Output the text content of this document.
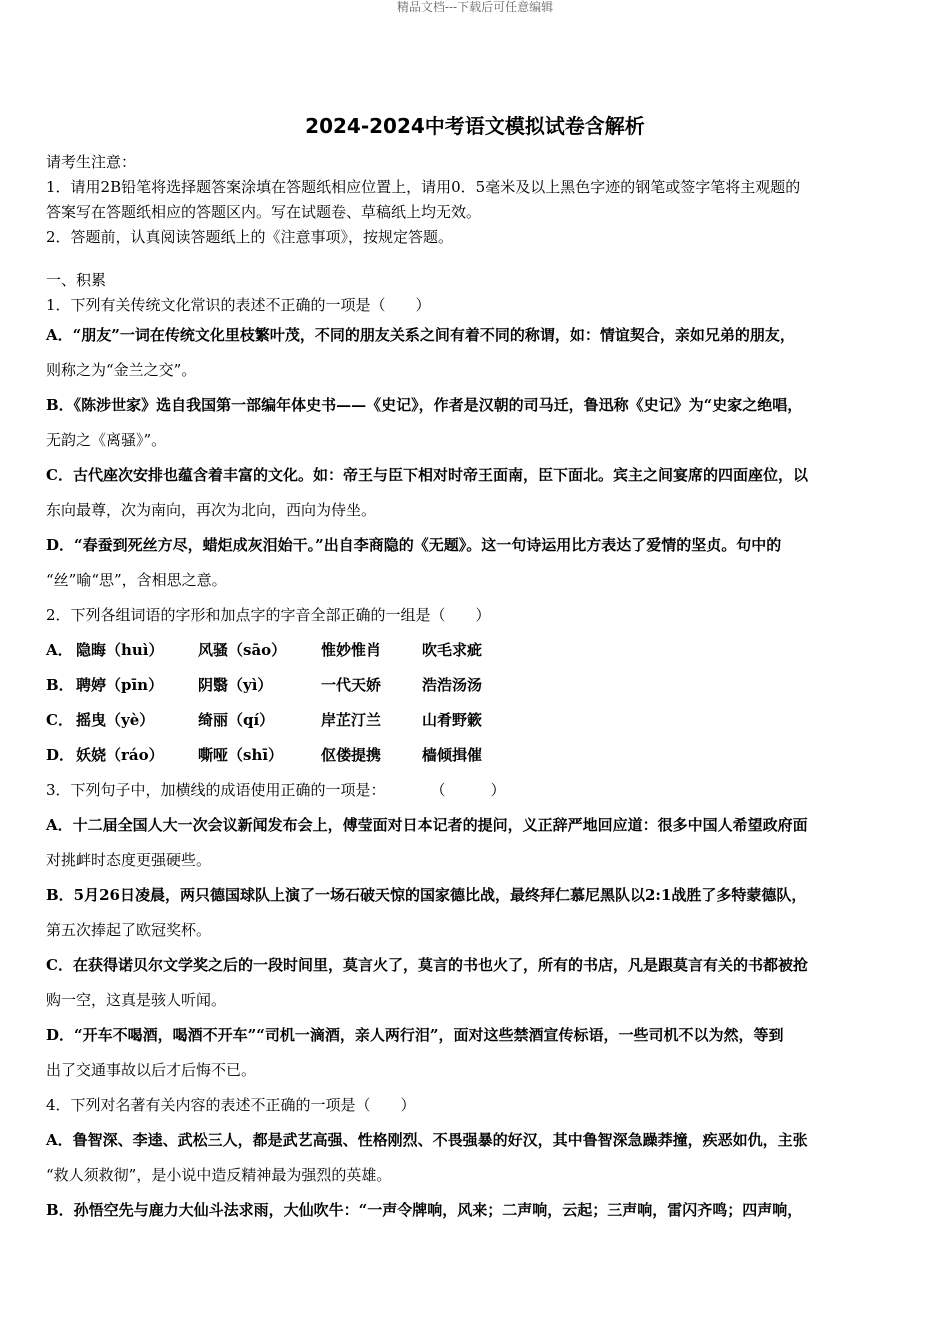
精品文档---下载后可任意编辑
2024-2024中考语文模拟试卷含解析
请考生注意：
1．请用2B铅笔将选择题答案涂填在答题纸相应位置上，请用0．5毫米及以上黑色字迹的钢笔或签字笔将主观题的
答案写在答题纸相应的答题区内。写在试题卷、草稿纸上均无效。
2．答题前，认真阅读答题纸上的《注意事项》，按规定答题。
一、积累
1．下列有关传统文化常识的表述不正确的一项是（　　）
A．“朋友”一词在传统文化里枝繁叶茂，不同的朋友关系之间有着不同的称谓，如：情谊契合，亲如兄弟的朋友，
则称之为“金兰之交”。
B．《陈涉世家》选自我国第一部编年体史书——《史记》，作者是汉朝的司马迁，鲁迅称《史记》为“史家之绝唱，
无韵之《离骚》”。
C．古代座次安排也蕴含着丰富的文化。如：帝王与臣下相对时帝王面南，臣下面北。宾主之间宴席的四面座位，以
东向最尊，次为南向，再次为北向，西向为侍坐。
D．“春蚕到死丝方尽，蜡炬成灰泪始干。”出自李商隐的《无题》。这一句诗运用比方表达了爱情的坚贞。句中的
“丝”喻“思”，含相思之意。
2．下列各组词语的字形和加点字的字音全部正确的一组是（　　）
A． 隐晦（huì）	风骚（sāo）	惟妙惟肖	吹毛求疵
B． 聘婷（pīn）	阴翳（yì）	一代天娇	浩浩汤汤
C． 摇曳（yè）	绮丽（qí）	岸芷汀兰	山肴野簌
D． 妖娆（ráo）	嘶哑（shī）	伛偻提携	樯倾揖催
3．下列句子中，加横线的成语使用正确的一项是：　　　　（　　　）
A．十二届全国人大一次会议新闻发布会上，傅莹面对日本记者的提问，义正辞严地回应道：很多中国人希望政府面
对挑衅时态度更强硬些。
B．5月26日凌晨，两只德国球队上演了一场石破天惊的国家德比战，最终拜仁慕尼黑队以2:1战胜了多特蒙德队，
第五次捧起了欧冠奖杯。
C．在获得诺贝尔文学奖之后的一段时间里，莫言火了，莫言的书也火了，所有的书店，凡是跟莫言有关的书都被抢
购一空，这真是骇人听闻。
D．“开车不喝酒，喝酒不开车”“司机一滴酒，亲人两行泪”，面对这些禁酒宣传标语，一些司机不以为然，等到
出了交通事故以后才后悔不已。
4．下列对名著有关内容的表述不正确的一项是（　　）
A．鲁智深、李逵、武松三人，都是武艺高强、性格刚烈、不畏强暴的好汉，其中鲁智深急躁莽撞，疾恶如仇，主张
“救人须救彻”，是小说中造反精神最为强烈的英雄。
B．孙悟空先与鹿力大仙斗法求雨，大仙吹牛：“一声令牌响，风来；二声响，云起；三声响，雷闪齐鸣；四声响，
